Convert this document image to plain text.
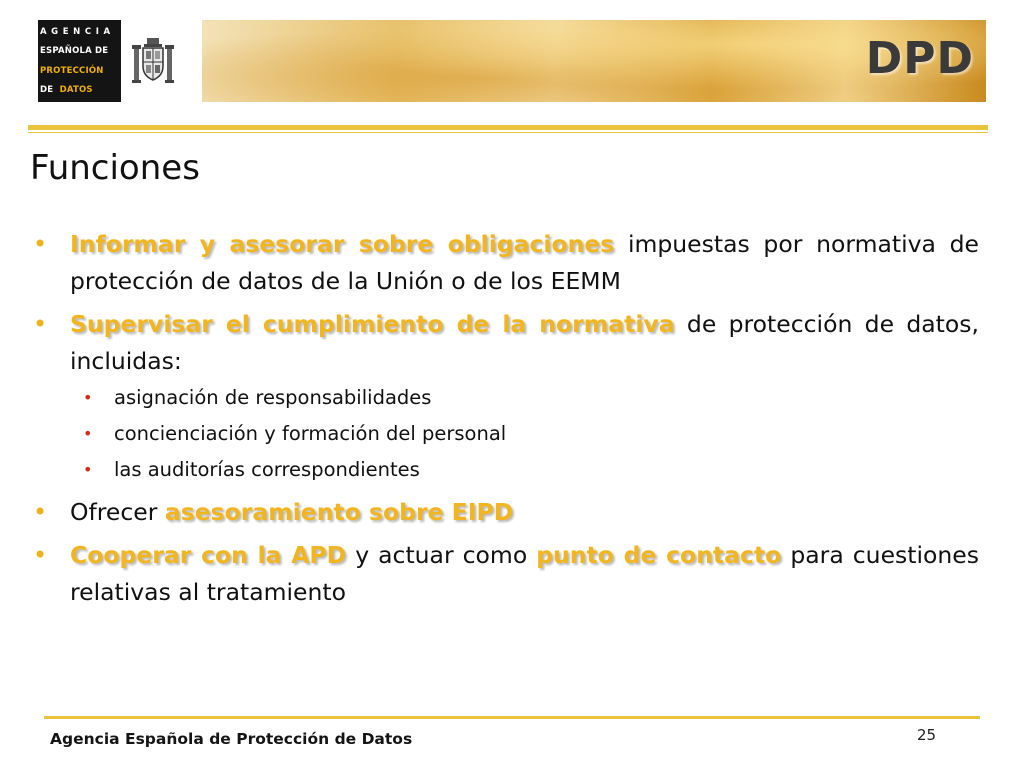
AGENCIA
ESPAÑOLA DE
PROTECCIÓN
DE DATOS
DPD
Funciones
• Informar y asesorar sobre obligaciones impuestas por normativa de protección de datos de la Unión o de los EEMM
• Supervisar el cumplimiento de la normativa de protección de datos, incluidas:
• asignación de responsabilidades
• concienciación y formación del personal
• las auditorías correspondientes
• Ofrecer asesoramiento sobre EIPD
• Cooperar con la APD y actuar como punto de contacto para cuestiones relativas al tratamiento
Agencia Española de Protección de Datos	25
